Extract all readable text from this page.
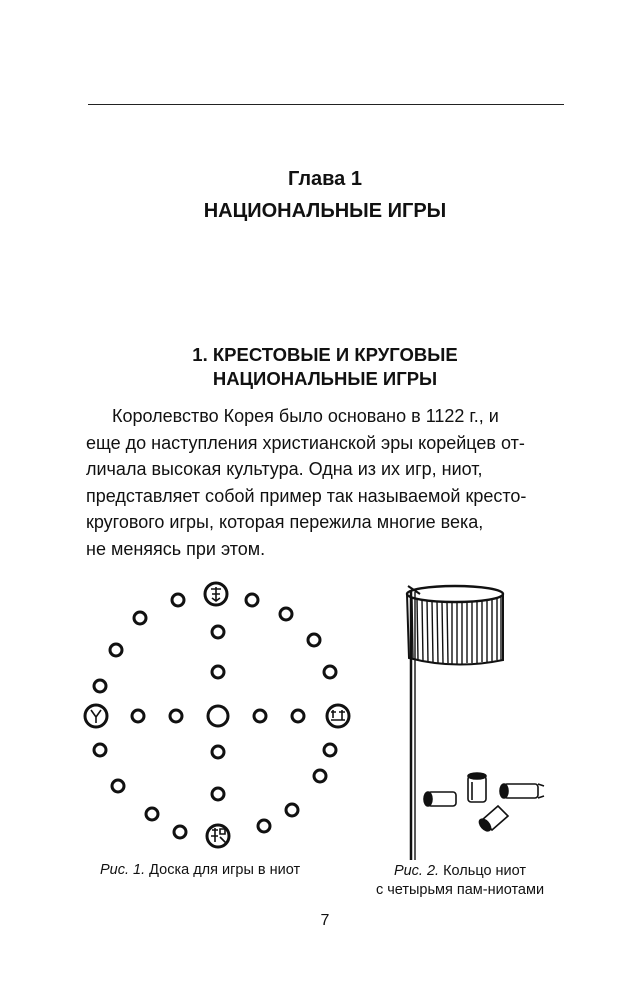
Глава 1
НАЦИОНАЛЬНЫЕ ИГРЫ
1. КРЕСТОВЫЕ И КРУГОВЫЕ
НАЦИОНАЛЬНЫЕ ИГРЫ
Королевство Корея было основано в 1122 г., и
еще до наступления христианской эры корейцев от-
личала высокая культура. Одна из их игр, ниот,
представляет собой пример так называемой кресто-
кругового игры, которая пережила многие века,
не меняясь при этом.
Рис. 1. Доска для игры в ниот	Рис. 2. Кольцо ниот
с четырьмя пам-ниотами
7
